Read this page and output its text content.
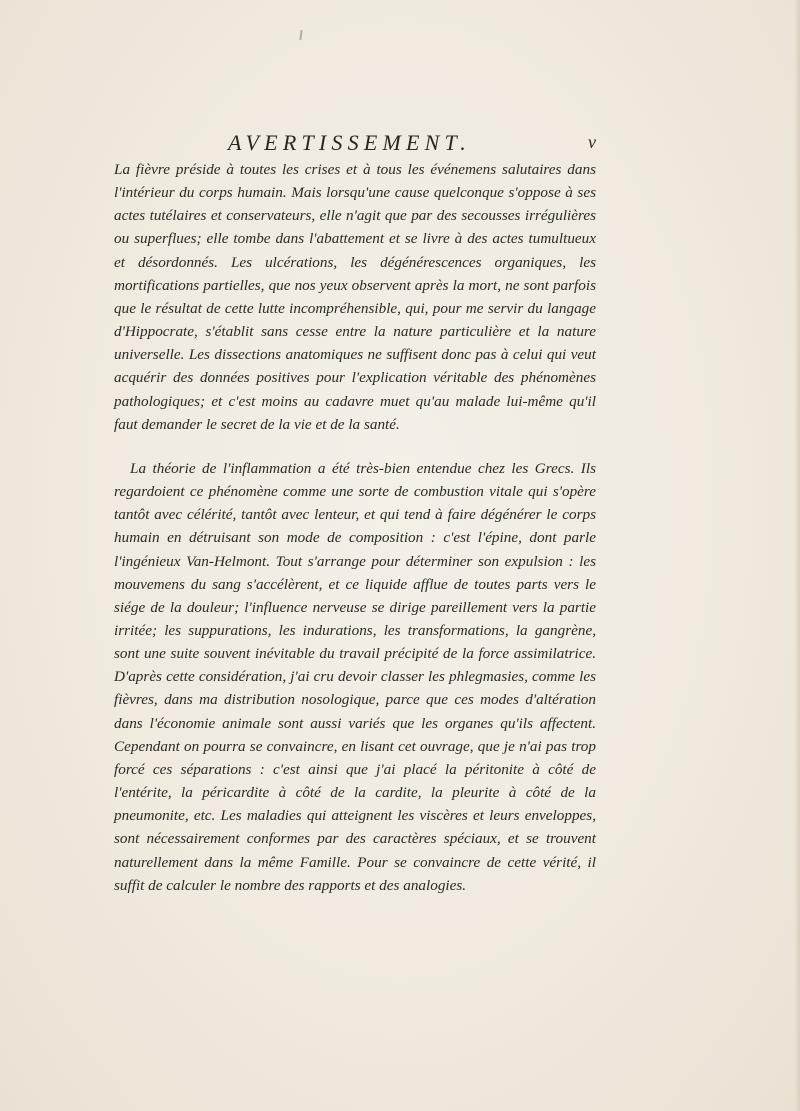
AVERTISSEMENT.	v

La fièvre préside à toutes les crises et à tous les événemens salutaires dans l'intérieur du corps humain. Mais lorsqu'une cause quelconque s'oppose à ses actes tutélaires et conservateurs, elle n'agit que par des secousses irrégulières ou superflues; elle tombe dans l'abattement et se livre à des actes tumultueux et désordonnés. Les ulcérations, les dégénérescences organiques, les mortifications partielles, que nos yeux observent après la mort, ne sont parfois que le résultat de cette lutte incompréhensible, qui, pour me servir du langage d'Hippocrate, s'établit sans cesse entre la nature particulière et la nature universelle. Les dissections anatomiques ne suffisent donc pas à celui qui veut acquérir des données positives pour l'explication véritable des phénomènes pathologiques; et c'est moins au cadavre muet qu'au malade lui-même qu'il faut demander le secret de la vie et de la santé.

La théorie de l'inflammation a été très-bien entendue chez les Grecs. Ils regardoient ce phénomène comme une sorte de combustion vitale qui s'opère tantôt avec célérité, tantôt avec lenteur, et qui tend à faire dégénérer le corps humain en détruisant son mode de composition : c'est l'épine, dont parle l'ingénieux Van-Helmont. Tout s'arrange pour déterminer son expulsion : les mouvemens du sang s'accélèrent, et ce liquide afflue de toutes parts vers le siége de la douleur; l'influence nerveuse se dirige pareillement vers la partie irritée; les suppurations, les indurations, les transformations, la gangrène, sont une suite souvent inévitable du travail précipité de la force assimilatrice. D'après cette considération, j'ai cru devoir classer les phlegmasies, comme les fièvres, dans ma distribution nosologique, parce que ces modes d'altération dans l'économie animale sont aussi variés que les organes qu'ils affectent. Cependant on pourra se convaincre, en lisant cet ouvrage, que je n'ai pas trop forcé ces séparations : c'est ainsi que j'ai placé la péritonite à côté de l'entérite, la péricardite à côté de la cardite, la pleurite à côté de la pneumonite, etc. Les maladies qui atteignent les viscères et leurs enveloppes, sont nécessairement conformes par des caractères spéciaux, et se trouvent naturellement dans la même Famille. Pour se convaincre de cette vérité, il suffit de calculer le nombre des rapports et des analogies.
